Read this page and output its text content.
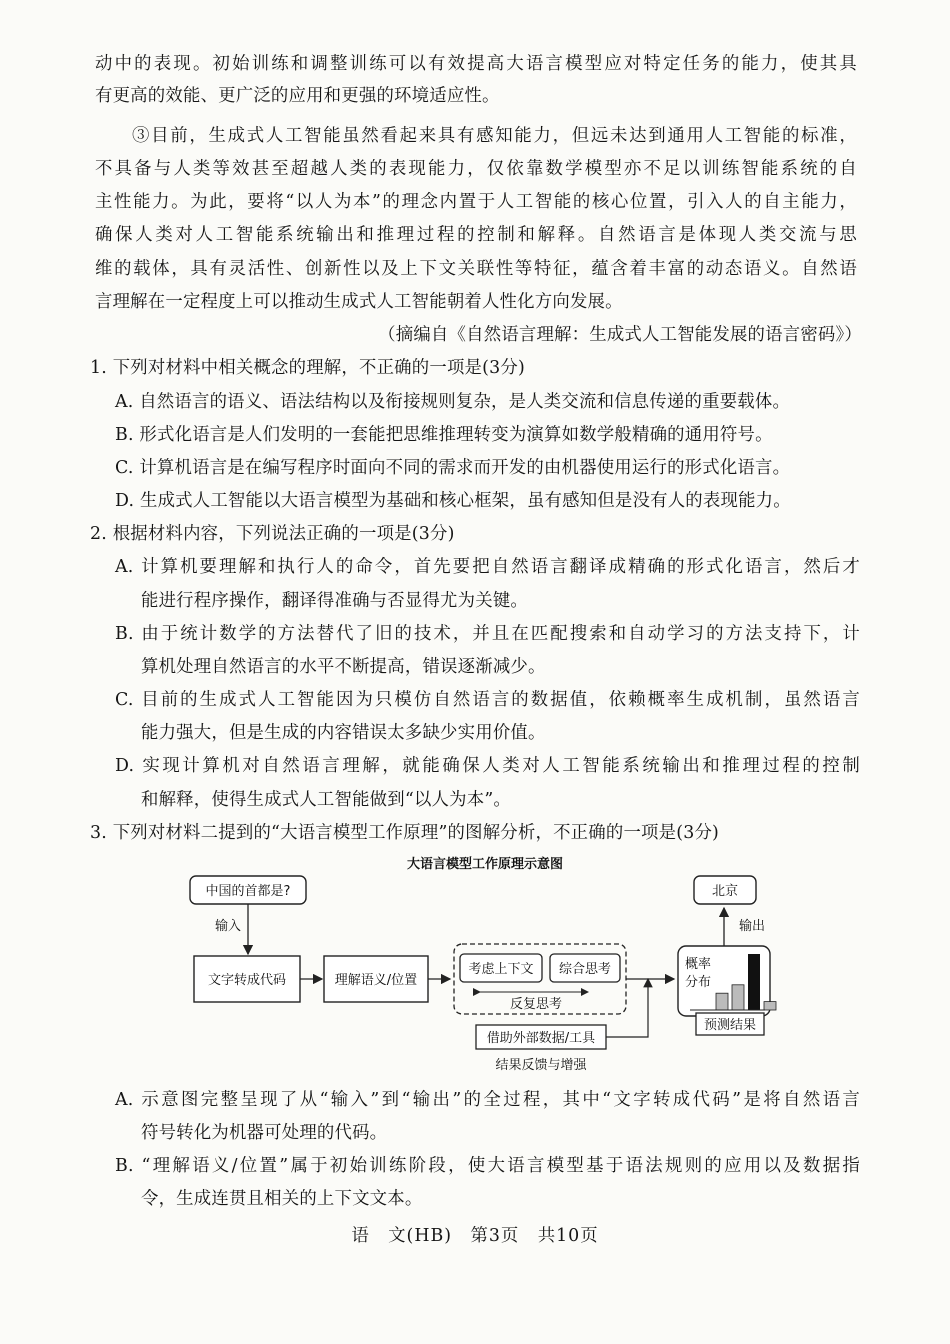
动中的表现。初始训练和调整训练可以有效提高大语言模型应对特定任务的能力，使其具
有更高的效能、更广泛的应用和更强的环境适应性。
③目前，生成式人工智能虽然看起来具有感知能力，但远未达到通用人工智能的标准，
不具备与人类等效甚至超越人类的表现能力，仅依靠数学模型亦不足以训练智能系统的自
主性能力。为此，要将“以人为本”的理念内置于人工智能的核心位置，引入人的自主能力，
确保人类对人工智能系统输出和推理过程的控制和解释。自然语言是体现人类交流与思
维的载体，具有灵活性、创新性以及上下文关联性等特征，蕴含着丰富的动态语义。自然语
言理解在一定程度上可以推动生成式人工智能朝着人性化方向发展。
（摘编自《自然语言理解：生成式人工智能发展的语言密码》）
1. 下列对材料中相关概念的理解，不正确的一项是(3分)
A. 自然语言的语义、语法结构以及衔接规则复杂，是人类交流和信息传递的重要载体。
B. 形式化语言是人们发明的一套能把思维推理转变为演算如数学般精确的通用符号。
C. 计算机语言是在编写程序时面向不同的需求而开发的由机器使用运行的形式化语言。
D. 生成式人工智能以大语言模型为基础和核心框架，虽有感知但是没有人的表现能力。
2. 根据材料内容，下列说法正确的一项是(3分)
A. 计算机要理解和执行人的命令，首先要把自然语言翻译成精确的形式化语言，然后才
能进行程序操作，翻译得准确与否显得尤为关键。
B. 由于统计数学的方法替代了旧的技术，并且在匹配搜索和自动学习的方法支持下，计
算机处理自然语言的水平不断提高，错误逐渐减少。
C. 目前的生成式人工智能因为只模仿自然语言的数据值，依赖概率生成机制，虽然语言
能力强大，但是生成的内容错误太多缺少实用价值。
D. 实现计算机对自然语言理解，就能确保人类对人工智能系统输出和推理过程的控制
和解释，使得生成式人工智能做到“以人为本”。
3. 下列对材料二提到的“大语言模型工作原理”的图解分析，不正确的一项是(3分)
大语言模型工作原理示意图
中国的首都是?
输入
文字转成代码	理解语义/位置
考虑上下文 综合思考
反复思考
借助外部数据/工具
结果反馈与增强
概率
分布
预测结果
输出
北京
A. 示意图完整呈现了从“输入”到“输出”的全过程，其中“文字转成代码”是将自然语言
符号转化为机器可处理的代码。
B. “理解语义/位置”属于初始训练阶段，使大语言模型基于语法规则的应用以及数据指
令，生成连贯且相关的上下文文本。
语　文(HB)　第3页　共10页
